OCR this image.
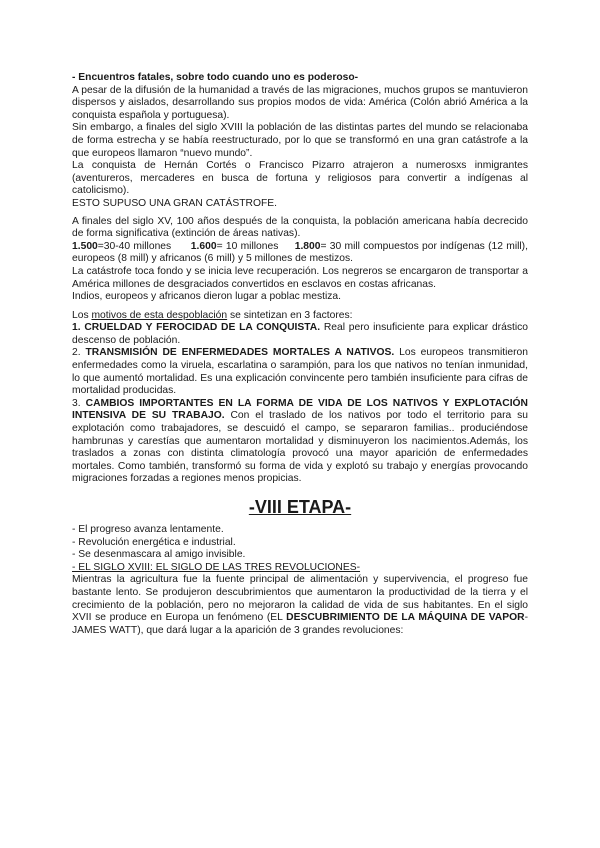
- Encuentros fatales, sobre todo cuando uno es poderoso-

A pesar de la difusión de la humanidad a través de las migraciones, muchos grupos se mantuvieron dispersos y aislados, desarrollando sus propios modos de vida: América (Colón abrió América a la conquista española y portuguesa).

Sin embargo, a finales del siglo XVIII la población de las distintas partes del mundo se relacionaba de forma estrecha y se había reestructurado, por lo que se transformó en una gran catástrofe a la que europeos llamaron “nuevo mundo”.

La conquista de Hernán Cortés o Francisco Pizarro atrajeron a numerosxs inmigrantes (aventureros, mercaderes en busca de fortuna y religiosos para convertir a indígenas al catolicismo).

ESTO SUPUSO UNA GRAN CATÁSTROFE.

A finales del siglo XV, 100 años después de la conquista, la población americana había decrecido de forma significativa (extinción de áreas nativas).

1.500=30-40 millones 1.600= 10 millones 1.800= 30 mill compuestos por indígenas (12 mill), europeos (8 mill) y africanos (6 mill) y 5 millones de mestizos.

La catástrofe toca fondo y se inicia leve recuperación. Los negreros se encargaron de transportar a América millones de desgraciados convertidos en esclavos en costas africanas.

Indios, europeos y africanos dieron lugar a poblac mestiza.

Los motivos de esta despoblación se sintetizan en 3 factores:

1. CRUELDAD Y FEROCIDAD DE LA CONQUISTA. Real pero insuficiente para explicar drástico descenso de población.

2. TRANSMISIÓN DE ENFERMEDADES MORTALES A NATIVOS. Los europeos transmitieron enfermedades como la viruela, escarlatina o sarampión, para los que nativos no tenían inmunidad, lo que aumentó mortalidad. Es una explicación convincente pero también insuficiente para cifras de mortalidad producidas.

3. CAMBIOS IMPORTANTES EN LA FORMA DE VIDA DE LOS NATIVOS Y EXPLOTACIÓN INTENSIVA DE SU TRABAJO. Con el traslado de los nativos por todo el territorio para su explotación como trabajadores, se descuidó el campo, se separaron familias.. produciéndose hambrunas y carestías que aumentaron mortalidad y disminuyeron los nacimientos.Además, los traslados a zonas con distinta climatología provocó una mayor aparición de enfermedades mortales. Como también, transformó su forma de vida y explotó su trabajo y energías provocando migraciones forzadas a regiones menos propicias.

-VIII ETAPA-

- El progreso avanza lentamente.

- Revolución energética e industrial.

- Se desenmascara al amigo invisible.

- EL SIGLO XVIII: EL SIGLO DE LAS TRES REVOLUCIONES-

Mientras la agricultura fue la fuente principal de alimentación y supervivencia, el progreso fue bastante lento. Se produjeron descubrimientos que aumentaron la productividad de la tierra y el crecimiento de la población, pero no mejoraron la calidad de vida de sus habitantes. En el siglo XVII se produce en Europa un fenómeno (EL DESCUBRIMIENTO DE LA MÁQUINA DE VAPOR- JAMES WATT), que dará lugar a la aparición de 3 grandes revoluciones:
